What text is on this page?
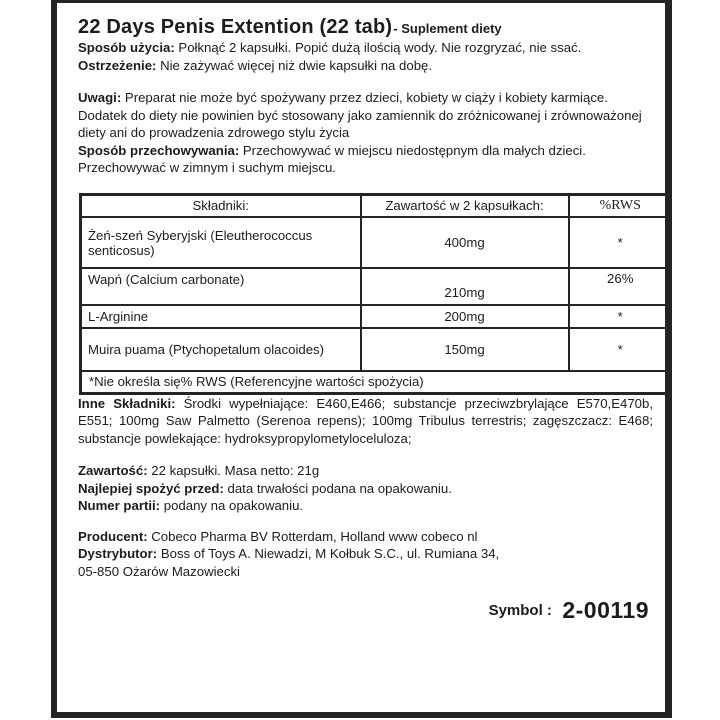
22 Days Penis Extention (22 tab)- Suplement diety

Sposób użycia: Połknąć 2 kapsułki. Popić dużą ilością wody. Nie rozgryzać, nie ssać.

Ostrzeżenie: Nie zażywać więcej niż dwie kapsułki na dobę.

Uwagi: Preparat nie może być spożywany przez dzieci, kobiety w ciąży i kobiety karmiące. Dodatek do diety nie powinien być stosowany jako zamiennik do zróżnicowanej i zrównoważonej diety ani do prowadzenia zdrowego stylu życia

Sposób przechowywania: Przechowywać w miejscu niedostępnym dla małych dzieci. Przechowywać w zimnym i suchym miejscu.

Składniki:	Zawartość w 2 kapsułkach:	%RWS
Żeń-szeń Syberyjski (Eleutherococcus senticosus)	400mg	*
Wapń (Calcium carbonate)	210mg	26%
L-Arginine	200mg	*
Muira puama (Ptychopetalum olacoides)	150mg	*
*Nie określa się% RWS (Referencyjne wartości spożycia)		

Inne Składniki: Środki wypełniające: E460,E466; substancje przeciwzbrylające E570,E470b, E551; 100mg Saw Palmetto (Serenoa repens); 100mg Tribulus terrestris; zagęszczacz: E468; substancje powlekające: hydroksypropylometyloceluloza;

Zawartość: 22 kapsułki. Masa netto: 21g

Najlepiej spożyć przed: data trwałości podana na opakowaniu.

Numer partii: podany na opakowaniu.

Producent: Cobeco Pharma BV Rotterdam, Holland www cobeco nl

Dystrybutor: Boss of Toys A. Niewadzi, M Kołbuk S.C., ul. Rumiana 34,

05-850 Ożarów Mazowiecki

Symbol : 2-00119
